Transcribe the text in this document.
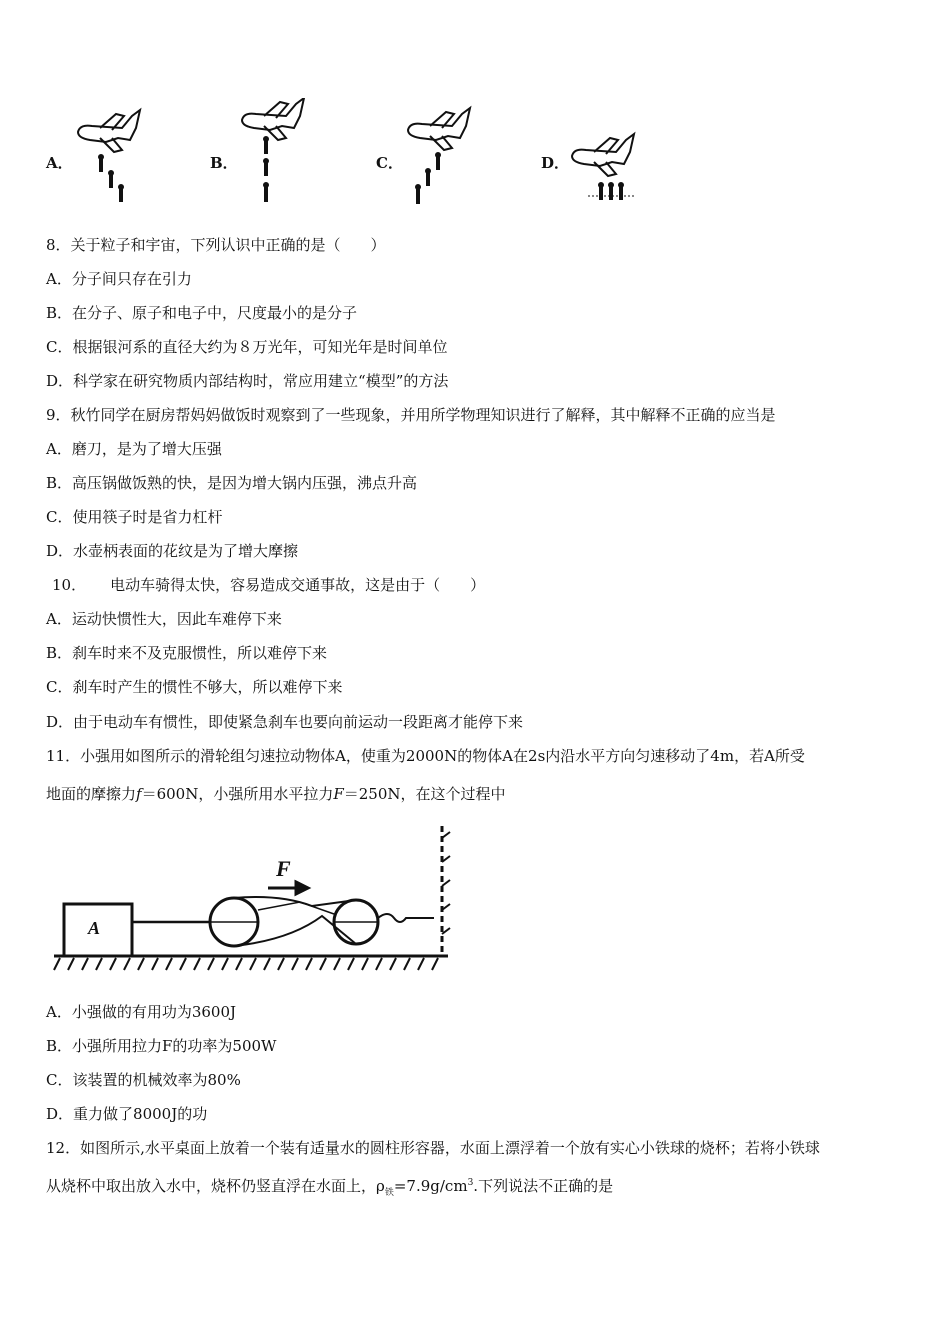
A．	B．	C．	D．
8．关于粒子和宇宙，下列认识中正确的是（　　）
A．分子间只存在引力
B．在分子、原子和电子中，尺度最小的是分子
C．根据银河系的直径大约为８万光年，可知光年是时间单位
D．科学家在研究物质内部结构时，常应用建立“模型”的方法
9．秋竹同学在厨房帮妈妈做饭时观察到了一些现象，并用所学物理知识进行了解释，其中解释不正确的应当是
A．磨刀，是为了增大压强
B．高压锅做饭熟的快，是因为增大锅内压强，沸点升高
C．使用筷子时是省力杠杆
D．水壶柄表面的花纹是为了增大摩擦
10． 电动车骑得太快，容易造成交通事故，这是由于（　　）
A．运动快惯性大，因此车难停下来
B．刹车时来不及克服惯性，所以难停下来
C．刹车时产生的惯性不够大，所以难停下来
D．由于电动车有惯性，即使紧急刹车也要向前运动一段距离才能停下来
11．小强用如图所示的滑轮组匀速拉动物体A，使重为2000N的物体A在2s内沿水平方向匀速移动了4m，若A所受
地面的摩擦力f＝600N，小强所用水平拉力F＝250N，在这个过程中
A
F
A．小强做的有用功为3600J
B．小强所用拉力F的功率为500W
C．该装置的机械效率为80%
D．重力做了8000J的功
12．如图所示,水平桌面上放着一个装有适量水的圆柱形容器，水面上漂浮着一个放有实心小铁球的烧杯；若将小铁球
从烧杯中取出放入水中，烧杯仍竖直浮在水面上，$\rho_铁=7.9g/cm^3$.下列说法不正确的是
